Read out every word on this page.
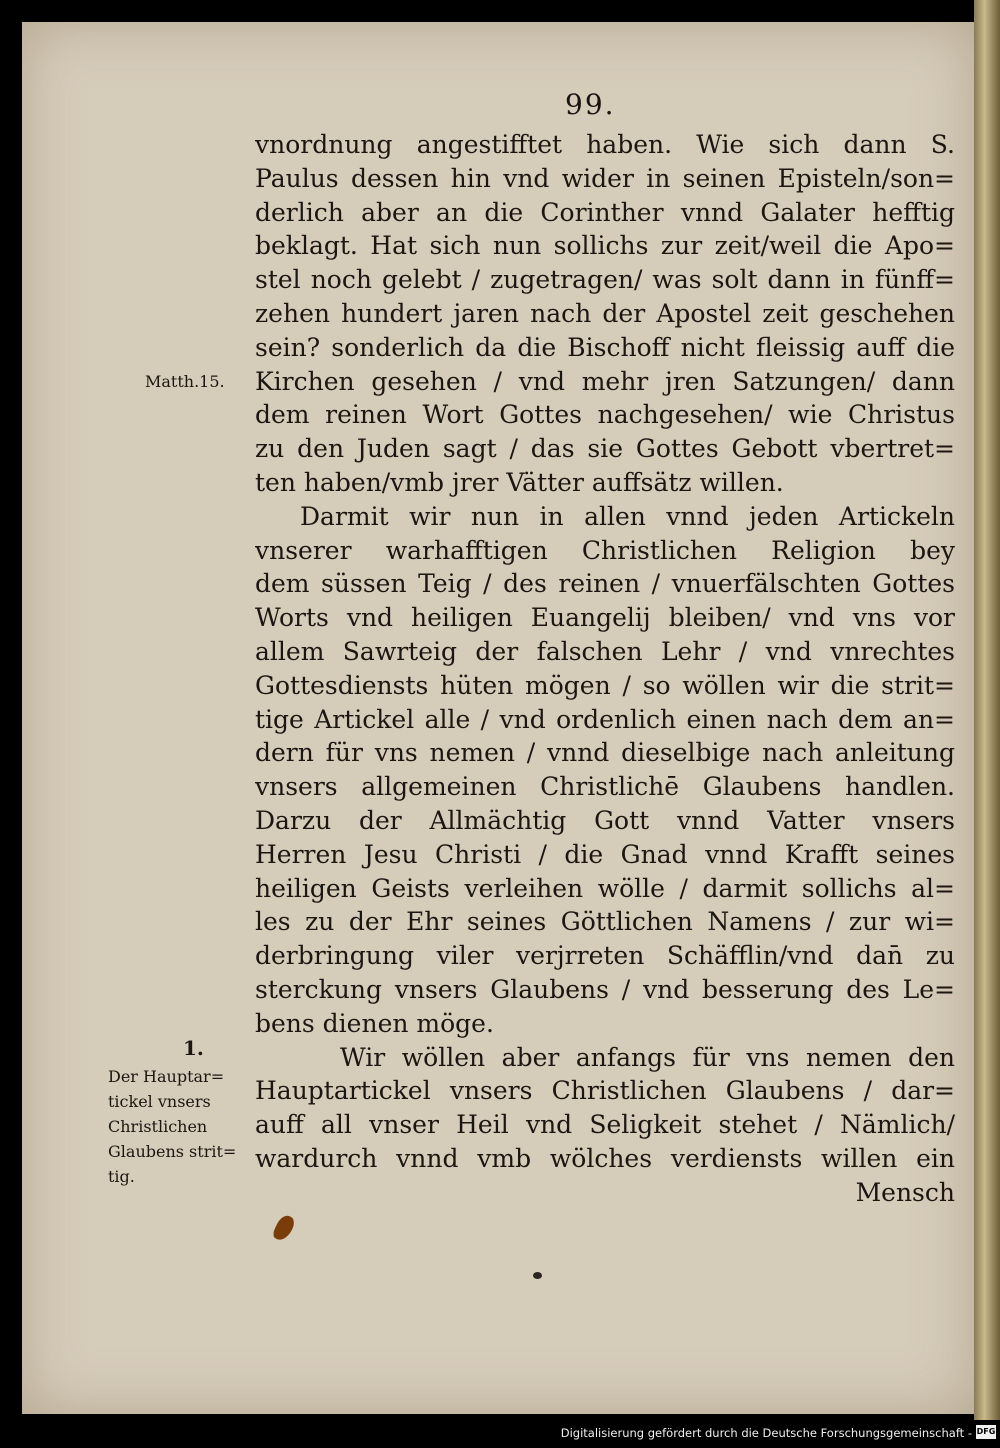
99.
vnordnung angestifftet haben. Wie sich dann S.
Paulus dessen hin vnd wider in seinen Episteln/son=
derlich aber an die Corinther vnnd Galater hefftig
beklagt. Hat sich nun sollichs zur zeit/weil die Apo=
stel noch gelebt / zugetragen/ was solt dann in fünff=
zehen hundert jaren nach der Apostel zeit geschehen
sein? sonderlich da die Bischoff nicht fleissig auff die
Kirchen gesehen / vnd mehr jren Satzungen/ dann
dem reinen Wort Gottes nachgesehen/ wie Christus
zu den Juden sagt / das sie Gottes Gebott vbertret=
ten haben/vmb jrer Vätter auffsätz willen.
Darmit wir nun in allen vnnd jeden Artickeln
vnserer warhafftigen Christlichen Religion bey
dem süssen Teig / des reinen / vnuerfälschten Gottes
Worts vnd heiligen Euangelij bleiben/ vnd vns vor
allem Sawrteig der falschen Lehr / vnd vnrechtes
Gottesdiensts hüten mögen / so wöllen wir die strit=
tige Artickel alle / vnd ordenlich einen nach dem an=
dern für vns nemen / vnnd dieselbige nach anleitung
vnsers allgemeinen Christlichē Glaubens handlen.
Darzu der Allmächtig Gott vnnd Vatter vnsers
Herren Jesu Christi / die Gnad vnnd Krafft seines
heiligen Geists verleihen wölle / darmit sollichs al=
les zu der Ehr seines Göttlichen Namens / zur wi=
derbringung viler verjrreten Schäfflin/vnd dan̄ zu
sterckung vnsers Glaubens / vnd besserung des Le=
bens dienen möge.
Wir wöllen aber anfangs für vns nemen den
Hauptartickel vnsers Christlichen Glaubens / dar=
auff all vnser Heil vnd Seligkeit stehet / Nämlich/
wardurch vnnd vmb wölches verdiensts willen ein
Mensch
Matth.15.
1.
Der Hauptar=
tickel vnsers
Christlichen
Glaubens strit=
tig.
Digitalisierung gefördert durch die Deutsche Forschungsgemeinschaft - DFG
